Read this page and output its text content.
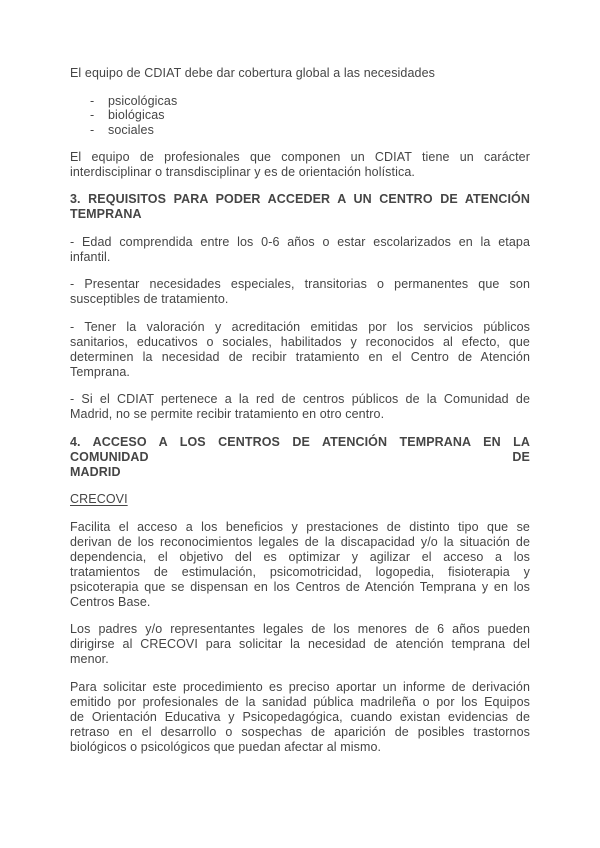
El equipo de CDIAT debe dar cobertura global a las necesidades
-	psicológicas
-	biológicas
-	sociales
El equipo de profesionales que componen un CDIAT tiene un carácter
interdisciplinar o transdisciplinar y es de orientación holística.
3. REQUISITOS PARA PODER ACCEDER A UN CENTRO DE ATENCIÓN
TEMPRANA
- Edad comprendida entre los 0-6 años o estar escolarizados en la etapa
infantil.
- Presentar necesidades especiales, transitorias o permanentes que son
susceptibles de tratamiento.
- Tener la valoración y acreditación emitidas por los servicios públicos
sanitarios, educativos o sociales, habilitados y reconocidos al efecto, que
determinen la necesidad de recibir tratamiento en el Centro de Atención
Temprana.
- Si el CDIAT pertenece a la red de centros públicos de la Comunidad de
Madrid, no se permite recibir tratamiento en otro centro.
4. ACCESO A LOS CENTROS DE ATENCIÓN TEMPRANA EN LA COMUNIDAD DE
MADRID
CRECOVI
Facilita el acceso a los beneficios y prestaciones de distinto tipo que se
derivan de los reconocimientos legales de la discapacidad y/o la situación de
dependencia, el objetivo del es optimizar y agilizar el acceso a los
tratamientos de estimulación, psicomotricidad, logopedia, fisioterapia y
psicoterapia que se dispensan en los Centros de Atención Temprana y en los
Centros Base.
Los padres y/o representantes legales de los menores de 6 años pueden
dirigirse al CRECOVI para solicitar la necesidad de atención temprana del
menor.
Para solicitar este procedimiento es preciso aportar un informe de derivación
emitido por profesionales de la sanidad pública madrileña o por los Equipos
de Orientación Educativa y Psicopedagógica, cuando existan evidencias de
retraso en el desarrollo o sospechas de aparición de posibles trastornos
biológicos o psicológicos que puedan afectar al mismo.
